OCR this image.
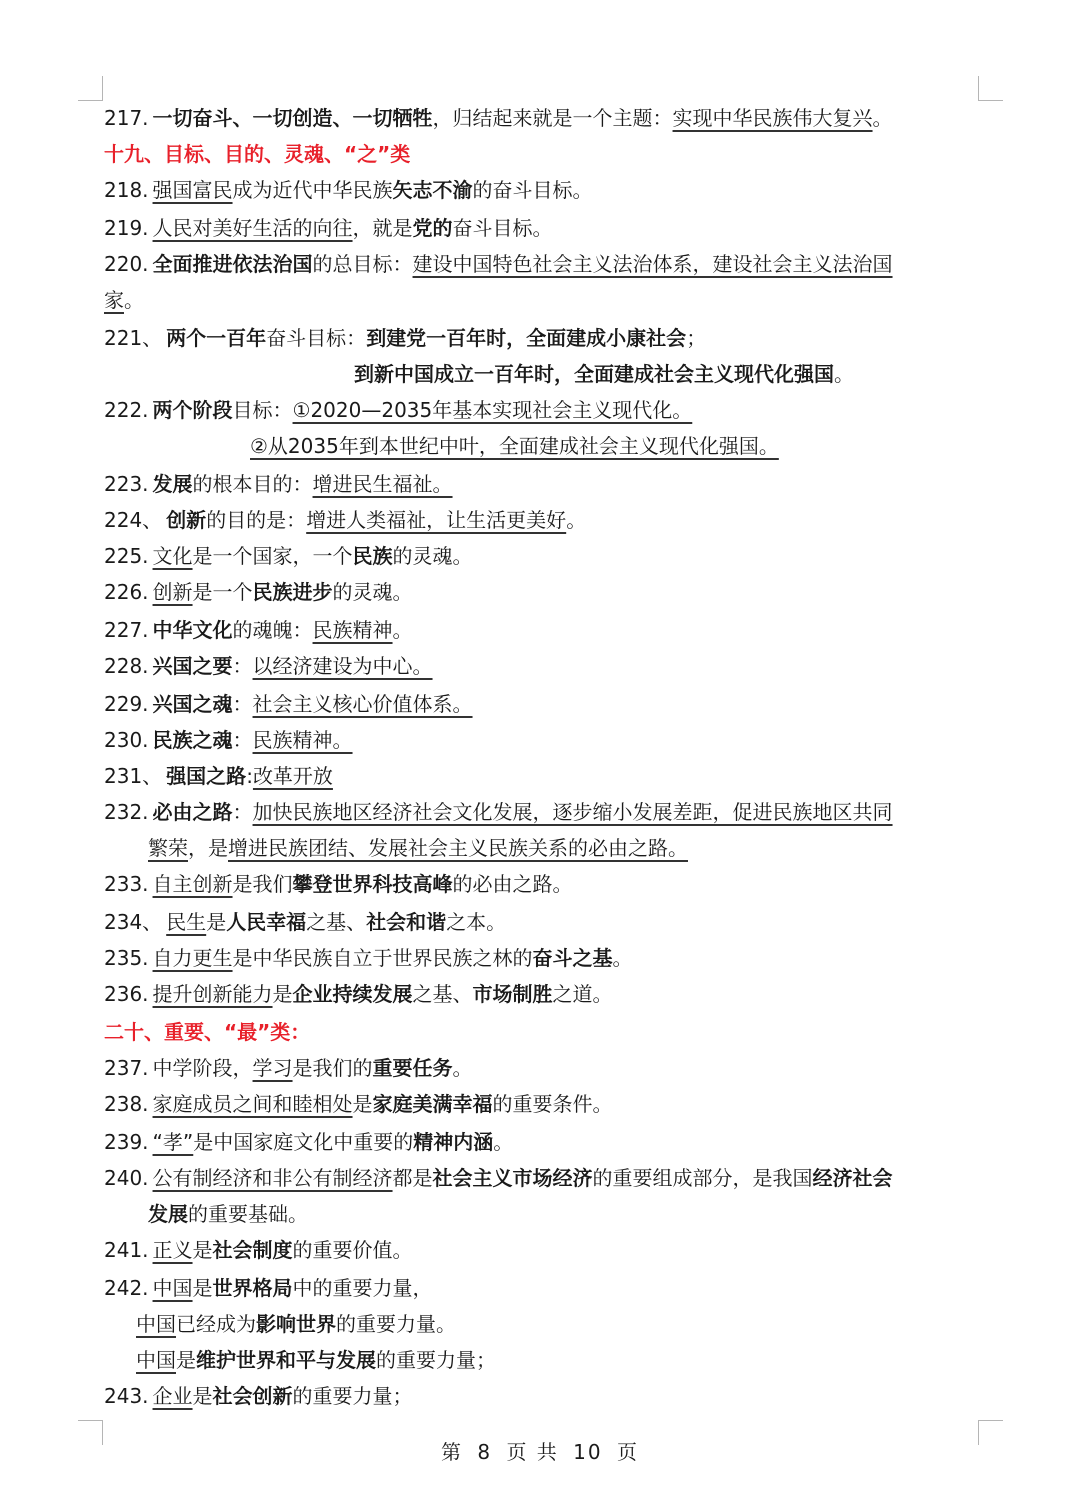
217. 一切奋斗、一切创造、一切牺牲，归结起来就是一个主题：实现中华民族伟大复兴。
十九、目标、目的、灵魂、“之”类
218. 强国富民成为近代中华民族矢志不渝的奋斗目标。
219. 人民对美好生活的向往，就是党的奋斗目标。
220. 全面推进依法治国的总目标：建设中国特色社会主义法治体系，建设社会主义法治国
家。
221、 两个一百年奋斗目标：到建党一百年时，全面建成小康社会；
到新中国成立一百年时，全面建成社会主义现代化强国。
222. 两个阶段目标：①2020—2035年基本实现社会主义现代化。
②从2035年到本世纪中叶，全面建成社会主义现代化强国。
223. 发展的根本目的：增进民生福祉。
224、 创新的目的是：增进人类福祉，让生活更美好。
225. 文化是一个国家，一个民族的灵魂。
226. 创新是一个民族进步的灵魂。
227. 中华文化的魂魄：民族精神。
228. 兴国之要：以经济建设为中心。
229. 兴国之魂：社会主义核心价值体系。
230. 民族之魂：民族精神。
231、 强国之路:改革开放
232. 必由之路：加快民族地区经济社会文化发展，逐步缩小发展差距，促进民族地区共同
繁荣，是增进民族团结、发展社会主义民族关系的必由之路。
233. 自主创新是我们攀登世界科技高峰的必由之路。
234、 民生是人民幸福之基、社会和谐之本。
235. 自力更生是中华民族自立于世界民族之林的奋斗之基。
236. 提升创新能力是企业持续发展之基、市场制胜之道。
二十、重要、“最”类：
237. 中学阶段，学习是我们的重要任务。
238. 家庭成员之间和睦相处是家庭美满幸福的重要条件。
239. “孝”是中国家庭文化中重要的精神内涵。
240. 公有制经济和非公有制经济都是社会主义市场经济的重要组成部分，是我国经济社会
发展的重要基础。
241. 正义是社会制度的重要价值。
242. 中国是世界格局中的重要力量，
中国已经成为影响世界的重要力量。
中国是维护世界和平与发展的重要力量；
243. 企业是社会创新的重要力量；
第 8 页 共 10 页
